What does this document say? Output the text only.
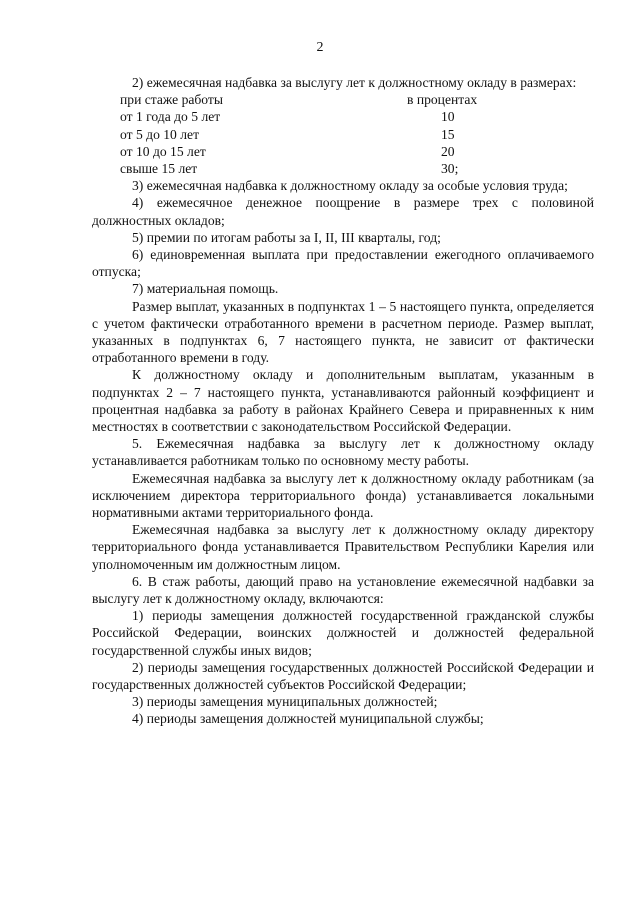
2

2) ежемесячная надбавка за выслугу лет к должностному окладу в размерах:

при стаже работы	в процентах
от 1 года до 5 лет	10
от 5 до 10 лет	15
от 10 до 15 лет	20
свыше 15 лет	30;

3) ежемесячная надбавка к должностному окладу за особые условия труда;

4) ежемесячное денежное поощрение в размере трех с половиной должностных окладов;

5) премии по итогам работы за I, II, III кварталы, год;

6) единовременная выплата при предоставлении ежегодного оплачиваемого отпуска;

7) материальная помощь.

Размер выплат, указанных в подпунктах 1 – 5 настоящего пункта, определяется с учетом фактически отработанного времени в расчетном периоде. Размер выплат, указанных в подпунктах 6, 7 настоящего пункта, не зависит от фактически отработанного времени в году.

К должностному окладу и дополнительным выплатам, указанным в подпунктах 2 – 7 настоящего пункта, устанавливаются районный коэффициент и процентная надбавка за работу в районах Крайнего Севера и приравненных к ним местностях в соответствии с законодательством Российской Федерации.

5. Ежемесячная надбавка за выслугу лет к должностному окладу устанавливается работникам только по основному месту работы.

Ежемесячная надбавка за выслугу лет к должностному окладу работникам (за исключением директора территориального фонда) устанавливается локальными нормативными актами территориального фонда.

Ежемесячная надбавка за выслугу лет к должностному окладу директору территориального фонда устанавливается Правительством Республики Карелия или уполномоченным им должностным лицом.

6. В стаж работы, дающий право на установление ежемесячной надбавки за выслугу лет к должностному окладу, включаются:

1) периоды замещения должностей государственной гражданской службы Российской Федерации, воинских должностей и должностей федеральной государственной службы иных видов;

2) периоды замещения государственных должностей Российской Федерации и государственных должностей субъектов Российской Федерации;

3) периоды замещения муниципальных должностей;

4) периоды замещения должностей муниципальной службы;
